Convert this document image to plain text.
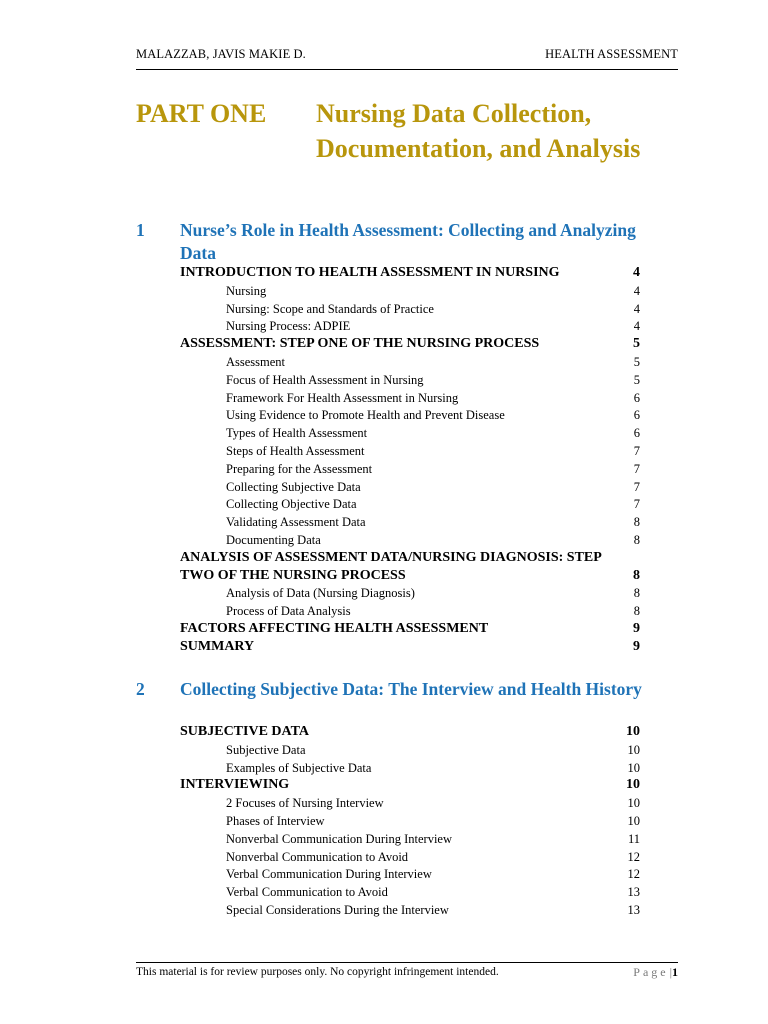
MALAZZAB, JAVIS MAKIE D.	HEALTH ASSESSMENT
PART ONE Nursing Data Collection, Documentation, and Analysis
1 Nurse’s Role in Health Assessment: Collecting and Analyzing Data
INTRODUCTION TO HEALTH ASSESSMENT IN NURSING	4
Nursing	4
Nursing: Scope and Standards of Practice	4
Nursing Process: ADPIE	4
ASSESSMENT: STEP ONE OF THE NURSING PROCESS	5
Assessment	5
Focus of Health Assessment in Nursing	5
Framework For Health Assessment in Nursing	6
Using Evidence to Promote Health and Prevent Disease	6
Types of Health Assessment	6
Steps of Health Assessment	7
Preparing for the Assessment	7
Collecting Subjective Data	7
Collecting Objective Data	7
Validating Assessment Data	8
Documenting Data	8
ANALYSIS OF ASSESSMENT DATA/NURSING DIAGNOSIS: STEP
TWO OF THE NURSING PROCESS	8
Analysis of Data (Nursing Diagnosis)	8
Process of Data Analysis	8
FACTORS AFFECTING HEALTH ASSESSMENT	9
SUMMARY	9
2 Collecting Subjective Data: The Interview and Health History
SUBJECTIVE DATA	10
Subjective Data	10
Examples of Subjective Data	10
INTERVIEWING	10
2 Focuses of Nursing Interview	10
Phases of Interview	10
Nonverbal Communication During Interview	11
Nonverbal Communication to Avoid	12
Verbal Communication During Interview	12
Verbal Communication to Avoid	13
Special Considerations During the Interview	13
This material is for review purposes only. No copyright infringement intended.	Page|1
